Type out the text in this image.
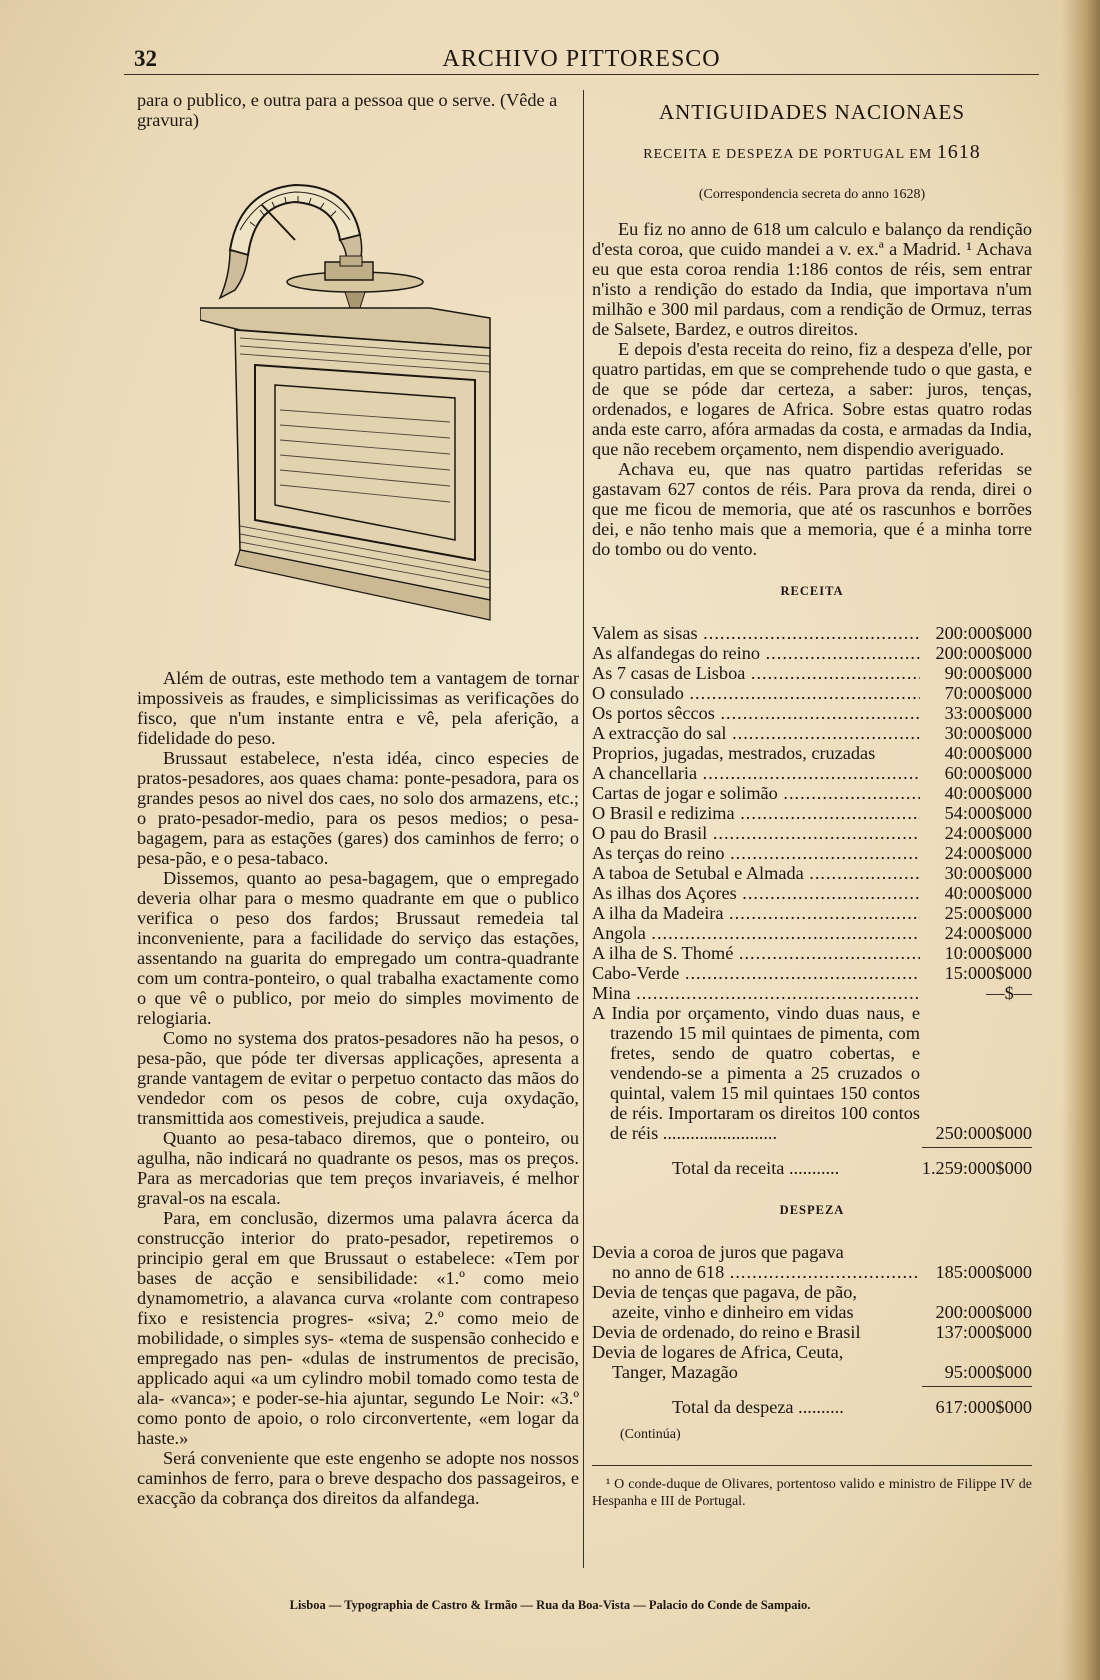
32	ARCHIVO PITTORESCO

para o publico, e outra para a pessoa que o serve. (Vêde a gravura)

Além de outras, este methodo tem a vantagem de tornar impossiveis as fraudes, e simplicissimas as verificações do fisco, que n'um instante entra e vê, pela aferição, a fidelidade do peso.

Brussaut estabelece, n'esta idéa, cinco especies de pratos-pesadores, aos quaes chama: ponte-pesadora, para os grandes pesos ao nivel dos caes, no solo dos armazens, etc.; o prato-pesador-medio, para os pesos medios; o pesa-bagagem, para as estações (gares) dos caminhos de ferro; o pesa-pão, e o pesa-tabaco.

Dissemos, quanto ao pesa-bagagem, que o empregado deveria olhar para o mesmo quadrante em que o publico verifica o peso dos fardos; Brussaut remedeia tal inconveniente, para a facilidade do serviço das estações, assentando na guarita do empregado um contra-quadrante com um contra-ponteiro, o qual trabalha exactamente como o que vê o publico, por meio do simples movimento de relogiaria.

Como no systema dos pratos-pesadores não ha pesos, o pesa-pão, que póde ter diversas applicações, apresenta a grande vantagem de evitar o perpetuo contacto das mãos do vendedor com os pesos de cobre, cuja oxydação, transmittida aos comestiveis, prejudica a saude.

Quanto ao pesa-tabaco diremos, que o ponteiro, ou agulha, não indicará no quadrante os pesos, mas os preços. Para as mercadorias que tem preços invariaveis, é melhor graval-os na escala.

Para, em conclusão, dizermos uma palavra ácerca da construcção interior do prato-pesador, repetiremos o principio geral em que Brussaut o estabelece: «Tem por bases de acção e sensibilidade: «1.º como meio dynamometrio, a alavanca curva «rolante com contrapeso fixo e resistencia progres- «siva; 2.º como meio de mobilidade, o simples sys- «tema de suspensão conhecido e empregado nas pen- «dulas de instrumentos de precisão, applicado aqui «a um cylindro mobil tomado como testa de ala- «vanca»; e poder-se-hia ajuntar, segundo Le Noir: «3.º como ponto de apoio, o rolo circonvertente, «em logar da haste.»

Será conveniente que este engenho se adopte nos nossos caminhos de ferro, para o breve despacho dos passageiros, e exacção da cobrança dos direitos da alfandega.

ANTIGUIDADES NACIONAES
RECEITA E DESPEZA DE PORTUGAL EM 1618
(Correspondencia secreta do anno 1628)

Eu fiz no anno de 618 um calculo e balanço da rendição d'esta coroa, que cuido mandei a v. ex.ª a Madrid. ¹ Achava eu que esta coroa rendia 1:186 contos de réis, sem entrar n'isto a rendição do estado da India, que importava n'um milhão e 300 mil pardaus, com a rendição de Ormuz, terras de Salsete, Bardez, e outros direitos.

E depois d'esta receita do reino, fiz a despeza d'elle, por quatro partidas, em que se comprehende tudo o que gasta, e de que se póde dar certeza, a saber: juros, tenças, ordenados, e logares de Africa. Sobre estas quatro rodas anda este carro, afóra armadas da costa, e armadas da India, que não recebem orçamento, nem dispendio averiguado.

Achava eu, que nas quatro partidas referidas se gastavam 627 contos de réis. Para prova da renda, direi o que me ficou de memoria, que até os rascunhos e borrões dei, e não tenho mais que a memoria, que é a minha torre do tombo ou do vento.

RECEITA
Valem as sisas .....	200:000$000
As alfandegas do reino .....	200:000$000
As 7 casas de Lisboa .....	90:000$000
O consulado .....	70:000$000
Os portos sêccos .....	33:000$000
A extracção do sal .....	30:000$000
Proprios, jugadas, mestrados, cruzadas	40:000$000
A chancellaria .....	60:000$000
Cartas de jogar e solimão .....	40:000$000
O Brasil e redizima .....	54:000$000
O pau do Brasil .....	24:000$000
As terças do reino .....	24:000$000
A taboa de Setubal e Almada .....	30:000$000
As ilhas dos Açores .....	40:000$000
A ilha da Madeira .....	25:000$000
Angola .....	24:000$000
A ilha de S. Thomé .....	10:000$000
Cabo-Verde .....	15:000$000
Mina .....	—$—
A India por orçamento, vindo duas naus, e trazendo 15 mil quintaes de pimenta, com fretes, sendo de quatro cobertas, e vendendo-se a pimenta a 25 cruzados o quintal, valem 15 mil quintaes 150 contos de réis. Importaram os direitos 100 contos de réis .........................	250:000$000
Total da receita ...........	1.259:000$000
DESPEZA
Devia a coroa de juros que pagava
no anno de 618 .....	185:000$000
Devia de tenças que pagava, de pão,
azeite, vinho e dinheiro em vidas	200:000$000
Devia de ordenado, do reino e Brasil	137:000$000
Devia de logares de Africa, Ceuta,
Tanger, Mazagão	95:000$000
Total da despeza ..........	617:000$000
(Continúa)
¹ O conde-duque de Olivares, portentoso valido e ministro de Filippe IV de Hespanha e III de Portugal.
Lisboa — Typographia de Castro & Irmão — Rua da Boa-Vista — Palacio do Conde de Sampaio.
